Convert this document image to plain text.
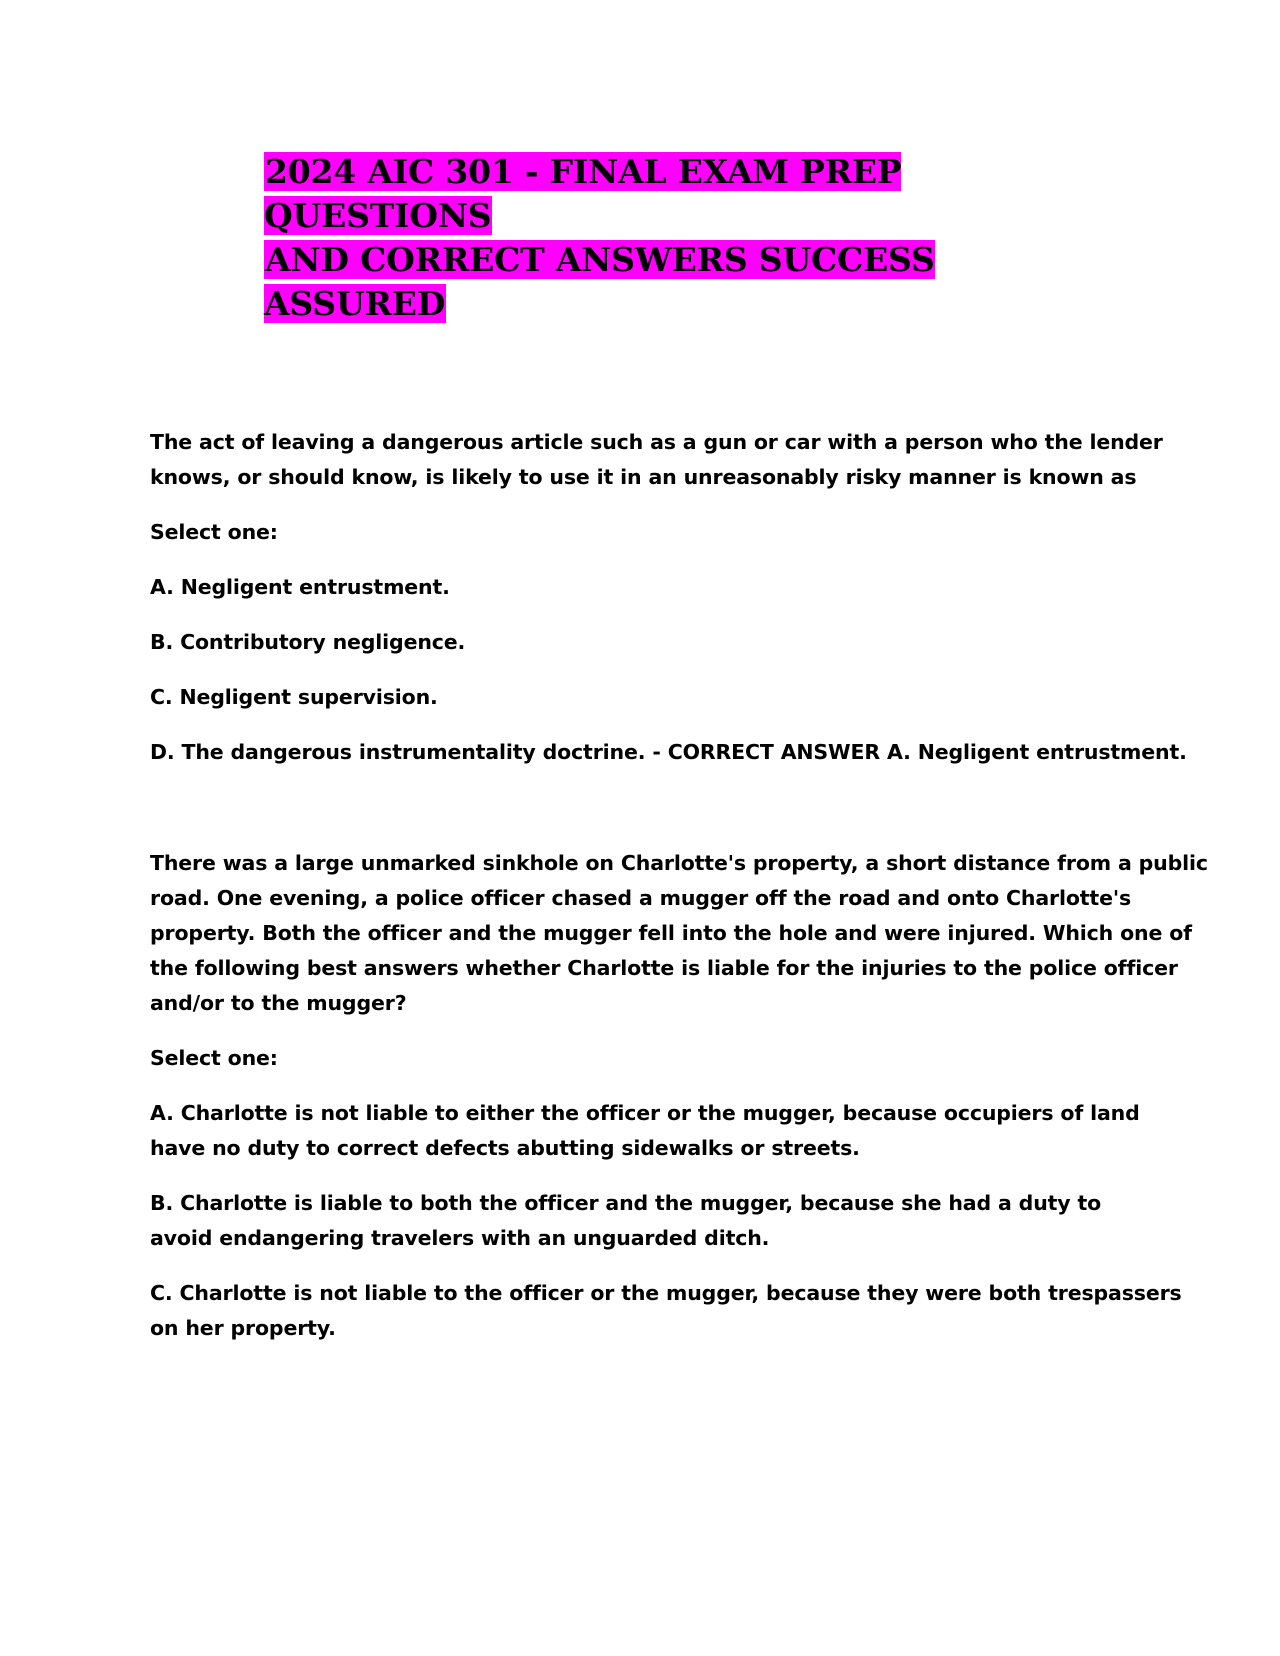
2024 AIC 301 - FINAL EXAM PREP QUESTIONS
AND CORRECT ANSWERS SUCCESS ASSURED

The act of leaving a dangerous article such as a gun or car with a person who the lender
knows, or should know, is likely to use it in an unreasonably risky manner is known as

Select one:

A. Negligent entrustment.

B. Contributory negligence.

C. Negligent supervision.

D. The dangerous instrumentality doctrine. - CORRECT ANSWER A. Negligent entrustment.

There was a large unmarked sinkhole on Charlotte's property, a short distance from a public
road. One evening, a police officer chased a mugger off the road and onto Charlotte's
property. Both the officer and the mugger fell into the hole and were injured. Which one of
the following best answers whether Charlotte is liable for the injuries to the police officer
and/or to the mugger?

Select one:

A. Charlotte is not liable to either the officer or the mugger, because occupiers of land
have no duty to correct defects abutting sidewalks or streets.

B. Charlotte is liable to both the officer and the mugger, because she had a duty to
avoid endangering travelers with an unguarded ditch.

C. Charlotte is not liable to the officer or the mugger, because they were both trespassers
on her property.
